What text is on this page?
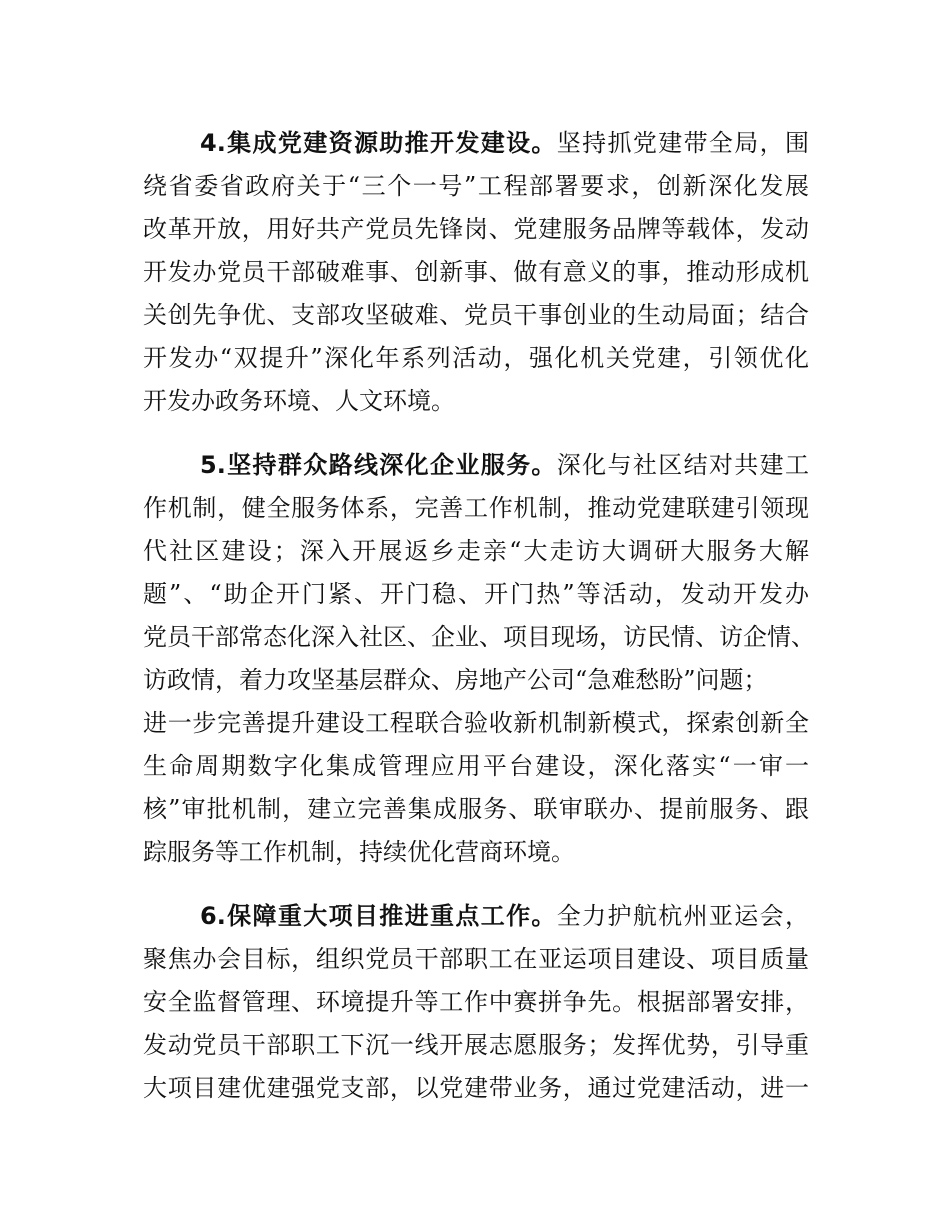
4.集成党建资源助推开发建设。坚持抓党建带全局，围
绕省委省政府关于“三个一号”工程部署要求，创新深化发展
改革开放，用好共产党员先锋岗、党建服务品牌等载体，发动
开发办党员干部破难事、创新事、做有意义的事，推动形成机
关创先争优、支部攻坚破难、党员干事创业的生动局面；结合
开发办“双提升”深化年系列活动，强化机关党建，引领优化
开发办政务环境、人文环境。
5.坚持群众路线深化企业服务。深化与社区结对共建工
作机制，健全服务体系，完善工作机制，推动党建联建引领现
代社区建设；深入开展返乡走亲“大走访大调研大服务大解
题”、“助企开门紧、开门稳、开门热”等活动，发动开发办
党员干部常态化深入社区、企业、项目现场，访民情、访企情、
访政情，着力攻坚基层群众、房地产公司“急难愁盼”问题；
进一步完善提升建设工程联合验收新机制新模式，探索创新全
生命周期数字化集成管理应用平台建设，深化落实“一审一
核”审批机制，建立完善集成服务、联审联办、提前服务、跟
踪服务等工作机制，持续优化营商环境。
6.保障重大项目推进重点工作。全力护航杭州亚运会，
聚焦办会目标，组织党员干部职工在亚运项目建设、项目质量
安全监督管理、环境提升等工作中赛拼争先。根据部署安排，
发动党员干部职工下沉一线开展志愿服务；发挥优势，引导重
大项目建优建强党支部，以党建带业务，通过党建活动，进一
